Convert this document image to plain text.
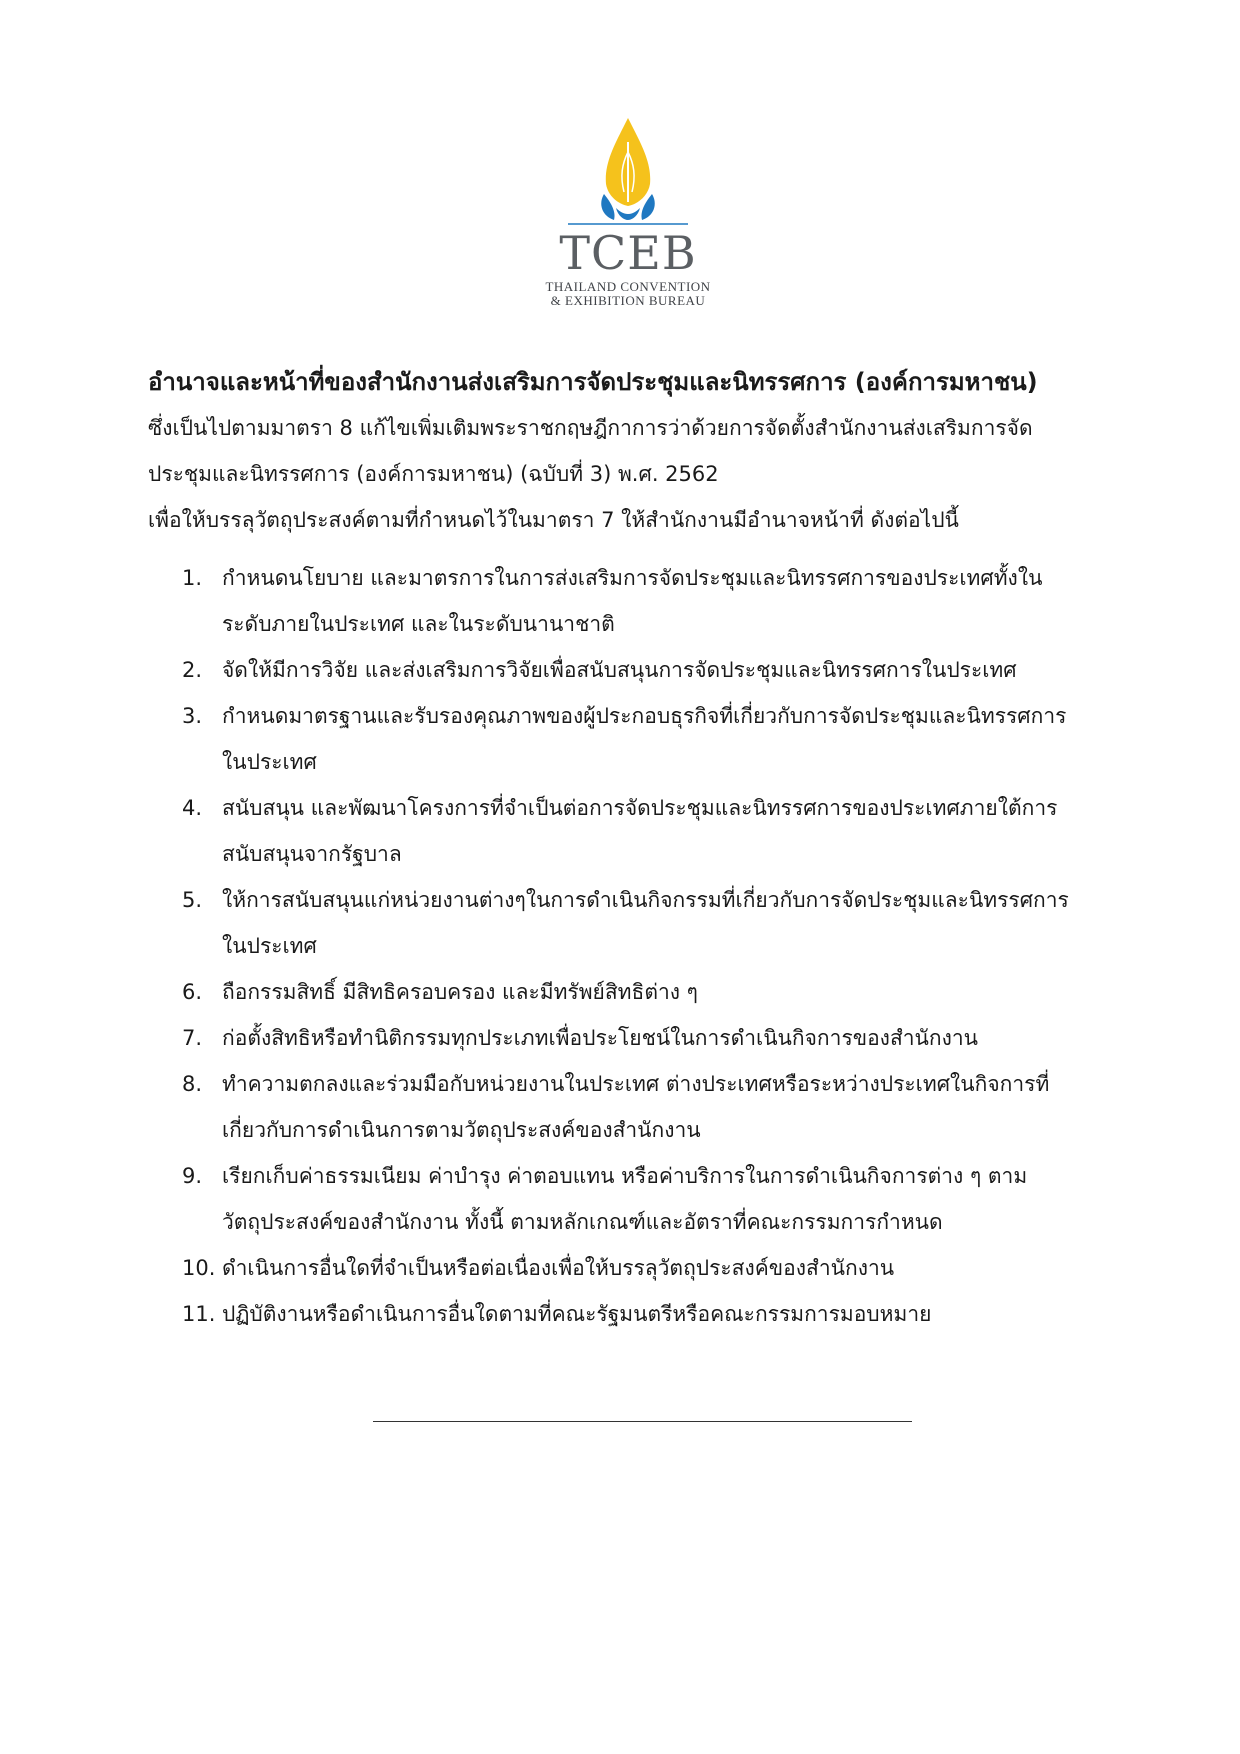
TCEB
THAILAND CONVENTION
& EXHIBITION BUREAU
อำนาจและหน้าที่ของสำนักงานส่งเสริมการจัดประชุมและนิทรรศการ (องค์การมหาชน)
ซึ่งเป็นไปตามมาตรา 8 แก้ไขเพิ่มเติมพระราชกฤษฎีกาการว่าด้วยการจัดตั้งสำนักงานส่งเสริมการจัด
ประชุมและนิทรรศการ (องค์การมหาชน) (ฉบับที่ 3) พ.ศ. 2562
เพื่อให้บรรลุวัตถุประสงค์ตามที่กำหนดไว้ในมาตรา 7 ให้สำนักงานมีอำนาจหน้าที่ ดังต่อไปนี้
1. กำหนดนโยบาย และมาตรการในการส่งเสริมการจัดประชุมและนิทรรศการของประเทศทั้งใน
ระดับภายในประเทศ และในระดับนานาชาติ
2. จัดให้มีการวิจัย และส่งเสริมการวิจัยเพื่อสนับสนุนการจัดประชุมและนิทรรศการในประเทศ
3. กำหนดมาตรฐานและรับรองคุณภาพของผู้ประกอบธุรกิจที่เกี่ยวกับการจัดประชุมและนิทรรศการ
ในประเทศ
4. สนับสนุน และพัฒนาโครงการที่จำเป็นต่อการจัดประชุมและนิทรรศการของประเทศภายใต้การ
สนับสนุนจากรัฐบาล
5. ให้การสนับสนุนแก่หน่วยงานต่างๆในการดำเนินกิจกรรมที่เกี่ยวกับการจัดประชุมและนิทรรศการ
ในประเทศ
6. ถือกรรมสิทธิ์ มีสิทธิครอบครอง และมีทรัพย์สิทธิต่าง ๆ
7. ก่อตั้งสิทธิหรือทำนิติกรรมทุกประเภทเพื่อประโยชน์ในการดำเนินกิจการของสำนักงาน
8. ทำความตกลงและร่วมมือกับหน่วยงานในประเทศ ต่างประเทศหรือระหว่างประเทศในกิจการที่
เกี่ยวกับการดำเนินการตามวัตถุประสงค์ของสำนักงาน
9. เรียกเก็บค่าธรรมเนียม ค่าบำรุง ค่าตอบแทน หรือค่าบริการในการดำเนินกิจการต่าง ๆ ตาม
วัตถุประสงค์ของสำนักงาน ทั้งนี้ ตามหลักเกณฑ์และอัตราที่คณะกรรมการกำหนด
10. ดำเนินการอื่นใดที่จำเป็นหรือต่อเนื่องเพื่อให้บรรลุวัตถุประสงค์ของสำนักงาน
11. ปฏิบัติงานหรือดำเนินการอื่นใดตามที่คณะรัฐมนตรีหรือคณะกรรมการมอบหมาย
